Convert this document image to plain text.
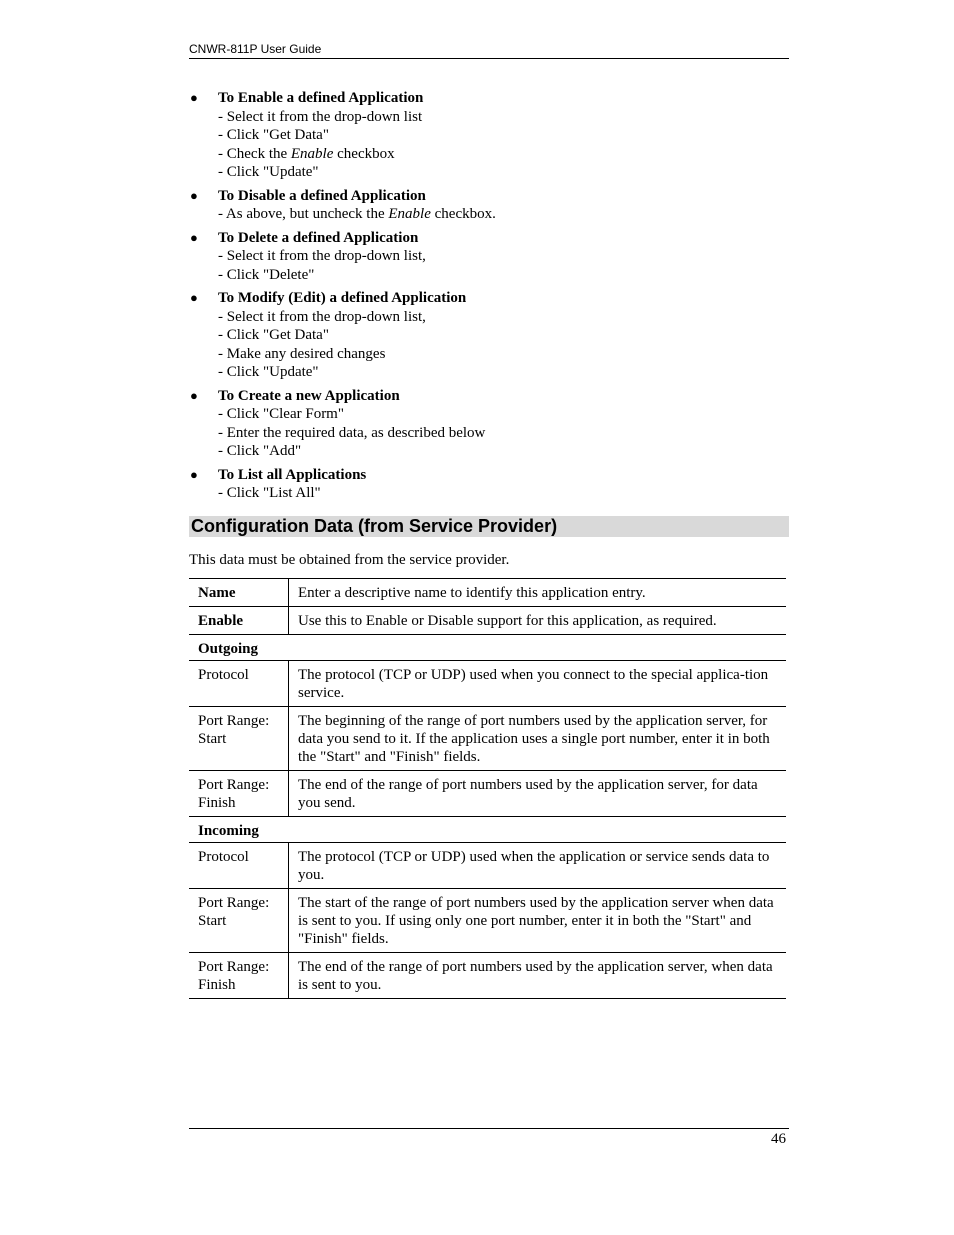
CNWR-811P User Guide
● To Enable a defined Application
- Select it from the drop-down list
- Click "Get Data"
- Check the Enable checkbox
- Click "Update"
● To Disable a defined Application
- As above, but uncheck the Enable checkbox.
● To Delete a defined Application
- Select it from the drop-down list,
- Click "Delete"
● To Modify (Edit) a defined Application
- Select it from the drop-down list,
- Click "Get Data"
- Make any desired changes
- Click "Update"
● To Create a new Application
- Click "Clear Form"
- Enter the required data, as described below
- Click "Add"
● To List all Applications
- Click "List All"
Configuration Data (from Service Provider)
This data must be obtained from the service provider.
Name	Enter a descriptive name to identify this application entry.
Enable	Use this to Enable or Disable support for this application, as required.
Outgoing	
Protocol	The protocol (TCP or UDP) used when you connect to the special applica-tion service.
Port Range: Start	The beginning of the range of port numbers used by the application server, for data you send to it. If the application uses a single port number, enter it in both the "Start" and "Finish" fields.
Port Range: Finish	The end of the range of port numbers used by the application server, for data you send.
Incoming	
Protocol	The protocol (TCP or UDP) used when the application or service sends data to you.
Port Range: Start	The start of the range of port numbers used by the application server when data is sent to you. If using only one port number, enter it in both the "Start" and "Finish" fields.
Port Range: Finish	The end of the range of port numbers used by the application server, when data is sent to you.
46
